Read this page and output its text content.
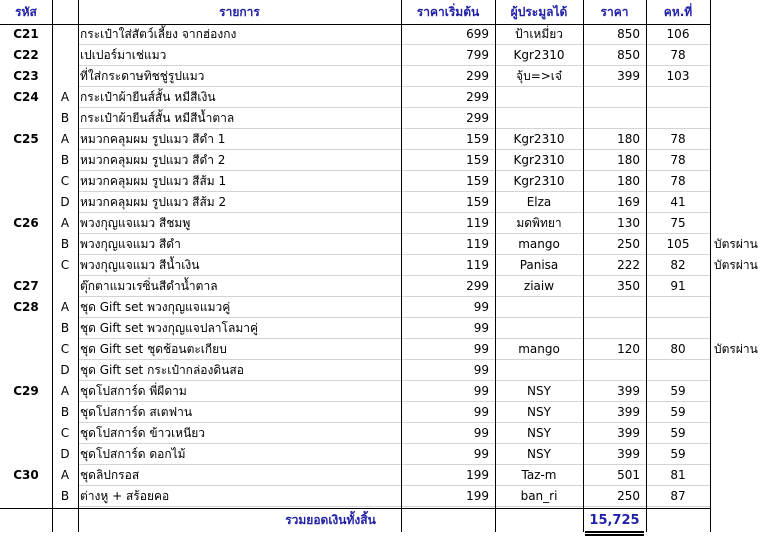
รหัส	รายการ	ราคาเริ่มต้น	ผู้ประมูลได้	ราคา	คห.ที่
C21	กระเป๋าใส่สัตว์เลี้ยง จากฮ่องกง	699	ป้าเหมี่ยว	850	106
C22	เปเปอร์มาเช่แมว	799	Kgr2310	850	78
C23	ที่ใส่กระดาษทิชชู่รูปแมว	299	จุ้บ=>เจ๋	399	103
C24	A กระเป๋าผ้ายีนส์สั้น หมีสีเงิน	299
B กระเป๋าผ้ายีนส์สั้น หมีสีน้ำตาล	299
C25	A หมวกคลุมผม รูปแมว สีดำ 1	159	Kgr2310	180	78
B หมวกคลุมผม รูปแมว สีดำ 2	159	Kgr2310	180	78
C หมวกคลุมผม รูปแมว สีส้ม 1	159	Kgr2310	180	78
D หมวกคลุมผม รูปแมว สีส้ม 2	159	Elza	169	41
C26	A พวงกุญแจแมว สีชมพู	119	มดพิทยา	130	75
B พวงกุญแจแมว สีดำ	119	mango	250	105	บัตรผ่าน
C พวงกุญแจแมว สีน้ำเงิน	119	Panisa	222	82	บัตรผ่าน
C27	ตุ๊กตาแมวเรซิ่นสีดำน้ำตาล	299	ziaiw	350	91
C28	A ชุด Gift set พวงกุญแจแมวคู่	99
B ชุด Gift set พวงกุญแจปลาโลมาคู่	99
C ชุด Gift set ชุดช้อนตะเกียบ	99	mango	120	80	บัตรผ่าน
D ชุด Gift set กระเป๋ากล่องดินสอ	99
C29	A ชุดโปสการ์ด พี่ผีดาม	99	NSY	399	59
B ชุดโปสการ์ด สเตฟาน	99	NSY	399	59
C ชุดโปสการ์ด ข้าวเหนียว	99	NSY	399	59
D ชุดโปสการ์ด ดอกไม้	99	NSY	399	59
C30	A ชุดลิปกรอส	199	Taz-m	501	81
B ต่างหู + สร้อยคอ	199	ban_ri	250	87
รวมยอดเงินทั้งสิ้น	15,725
